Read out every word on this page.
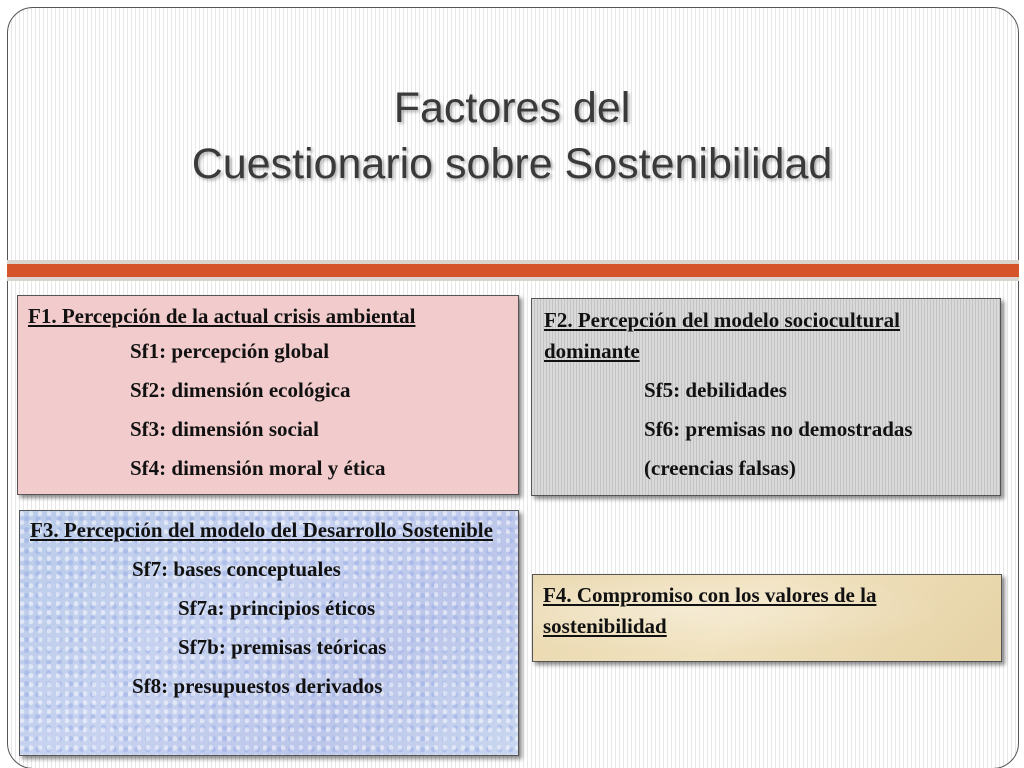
Factores del
Cuestionario sobre Sostenibilidad
F1. Percepción de la actual crisis ambiental
Sf1: percepción global
Sf2: dimensión ecológica
Sf3: dimensión social
Sf4: dimensión moral y ética
F2. Percepción del modelo sociocultural dominante
Sf5: debilidades
Sf6: premisas no demostradas
(creencias falsas)
F3. Percepción del modelo del Desarrollo Sostenible
Sf7: bases conceptuales
Sf7a: principios éticos
Sf7b: premisas teóricas
Sf8: presupuestos derivados
F4. Compromiso con los valores de la sostenibilidad
